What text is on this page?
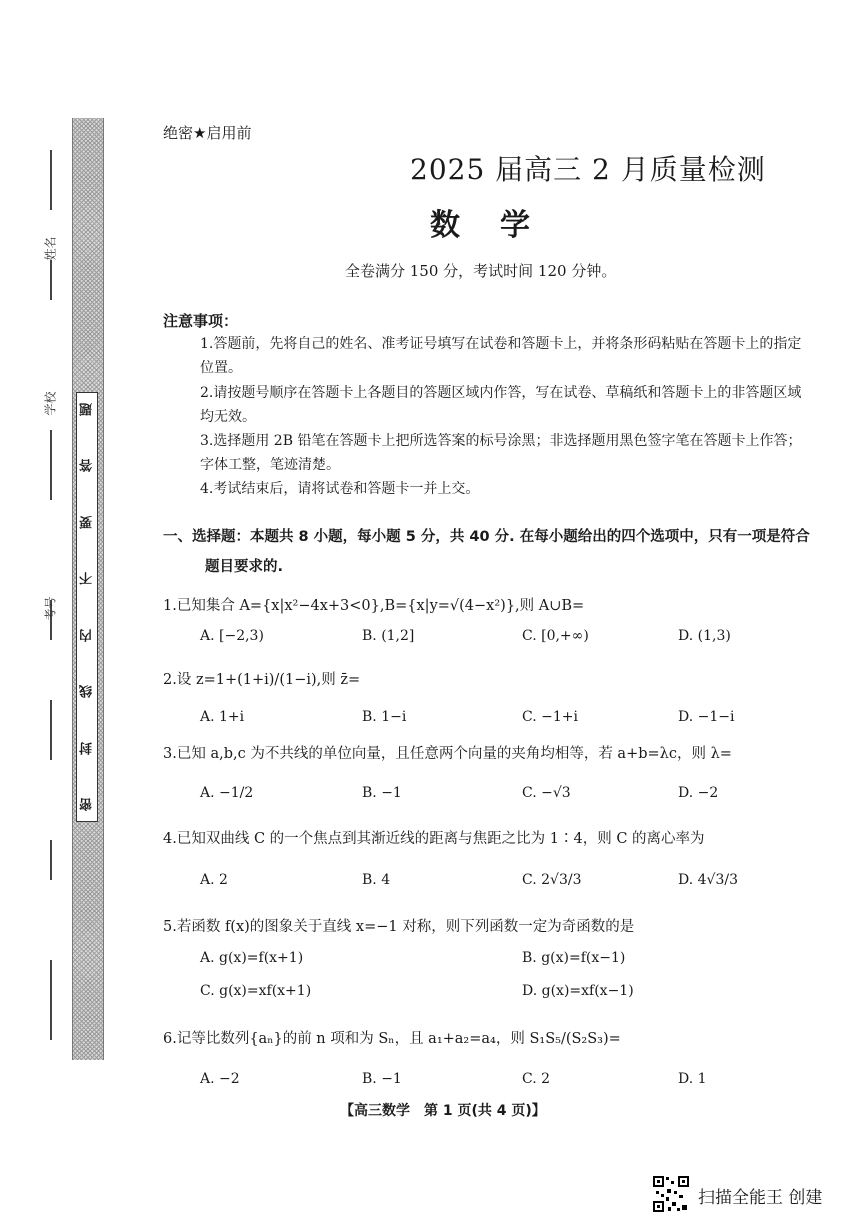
姓名
学校
考号
题
答
要
不
内
线
封
密
绝密★启用前
2025 届高三 2 月质量检测
数学
全卷满分 150 分，考试时间 120 分钟。
注意事项：
1.答题前，先将自己的姓名、准考证号填写在试卷和答题卡上，并将条形码粘贴在答题卡上的指定位置。
2.请按题号顺序在答题卡上各题目的答题区域内作答，写在试卷、草稿纸和答题卡上的非答题区域均无效。
3.选择题用 2B 铅笔在答题卡上把所选答案的标号涂黑；非选择题用黑色签字笔在答题卡上作答；字体工整，笔迹清楚。
4.考试结束后，请将试卷和答题卡一并上交。
一、选择题：本题共 8 小题，每小题 5 分，共 40 分. 在每小题给出的四个选项中，只有一项是符合
题目要求的.
1.已知集合 A={x|x²−4x+3<0},B={x|y=√(4−x²)},则 A∪B=
A. [−2,3)	B. (1,2]	C. [0,+∞)	D. (1,3)
2.设 z=1+(1+i)/(1−i),则 z̄=
A. 1+i	B. 1−i	C. −1+i	D. −1−i
3.已知 a,b,c 为不共线的单位向量，且任意两个向量的夹角均相等，若 a+b=λc，则 λ=
A. −1/2	B. −1	C. −√3	D. −2
4.已知双曲线 C 的一个焦点到其渐近线的距离与焦距之比为 1∶4，则 C 的离心率为
A. 2	B. 4	C. 2√3/3	D. 4√3/3
5.若函数 f(x)的图象关于直线 x=−1 对称，则下列函数一定为奇函数的是
A. g(x)=f(x+1)	B. g(x)=f(x−1)
C. g(x)=xf(x+1)	D. g(x)=xf(x−1)
6.记等比数列{aₙ}的前 n 项和为 Sₙ，且 a₁+a₂=a₄，则 S₁S₅/(S₂S₃)=
A. −2	B. −1	C. 2	D. 1
【高三数学　第 1 页(共 4 页)】
扫描全能王 创建
